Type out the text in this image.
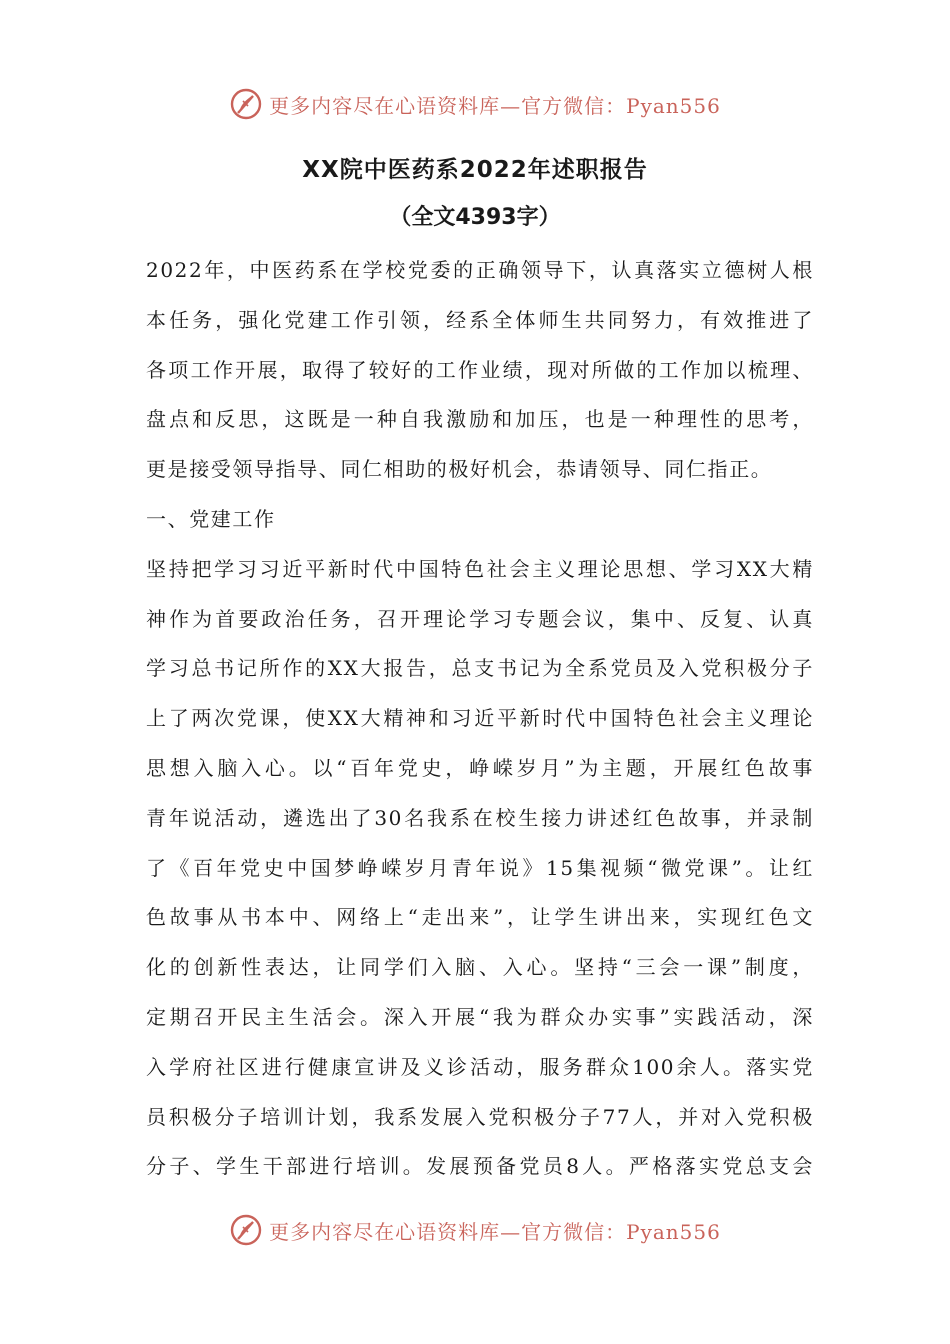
更多内容尽在心语资料库—官方微信：Pyan556
XX院中医药系2022年述职报告
（全文4393字）
2022年，中医药系在学校党委的正确领导下，认真落实立德树人根
本任务，强化党建工作引领，经系全体师生共同努力，有效推进了
各项工作开展，取得了较好的工作业绩，现对所做的工作加以梳理、
盘点和反思，这既是一种自我激励和加压，也是一种理性的思考，
更是接受领导指导、同仁相助的极好机会，恭请领导、同仁指正。
一、党建工作
坚持把学习习近平新时代中国特色社会主义理论思想、学习XX大精
神作为首要政治任务，召开理论学习专题会议，集中、反复、认真
学习总书记所作的XX大报告，总支书记为全系党员及入党积极分子
上了两次党课，使XX大精神和习近平新时代中国特色社会主义理论
思想入脑入心。以“百年党史，峥嵘岁月”为主题，开展红色故事
青年说活动，遴选出了30名我系在校生接力讲述红色故事，并录制
了《百年党史中国梦峥嵘岁月青年说》15集视频“微党课”。让红
色故事从书本中、网络上“走出来”，让学生讲出来，实现红色文
化的创新性表达，让同学们入脑、入心。坚持“三会一课”制度，
定期召开民主生活会。深入开展“我为群众办实事”实践活动，深
入学府社区进行健康宣讲及义诊活动，服务群众100余人。落实党
员积极分子培训计划，我系发展入党积极分子77人，并对入党积极
分子、学生干部进行培训。发展预备党员8人。严格落实党总支会
更多内容尽在心语资料库—官方微信：Pyan556
